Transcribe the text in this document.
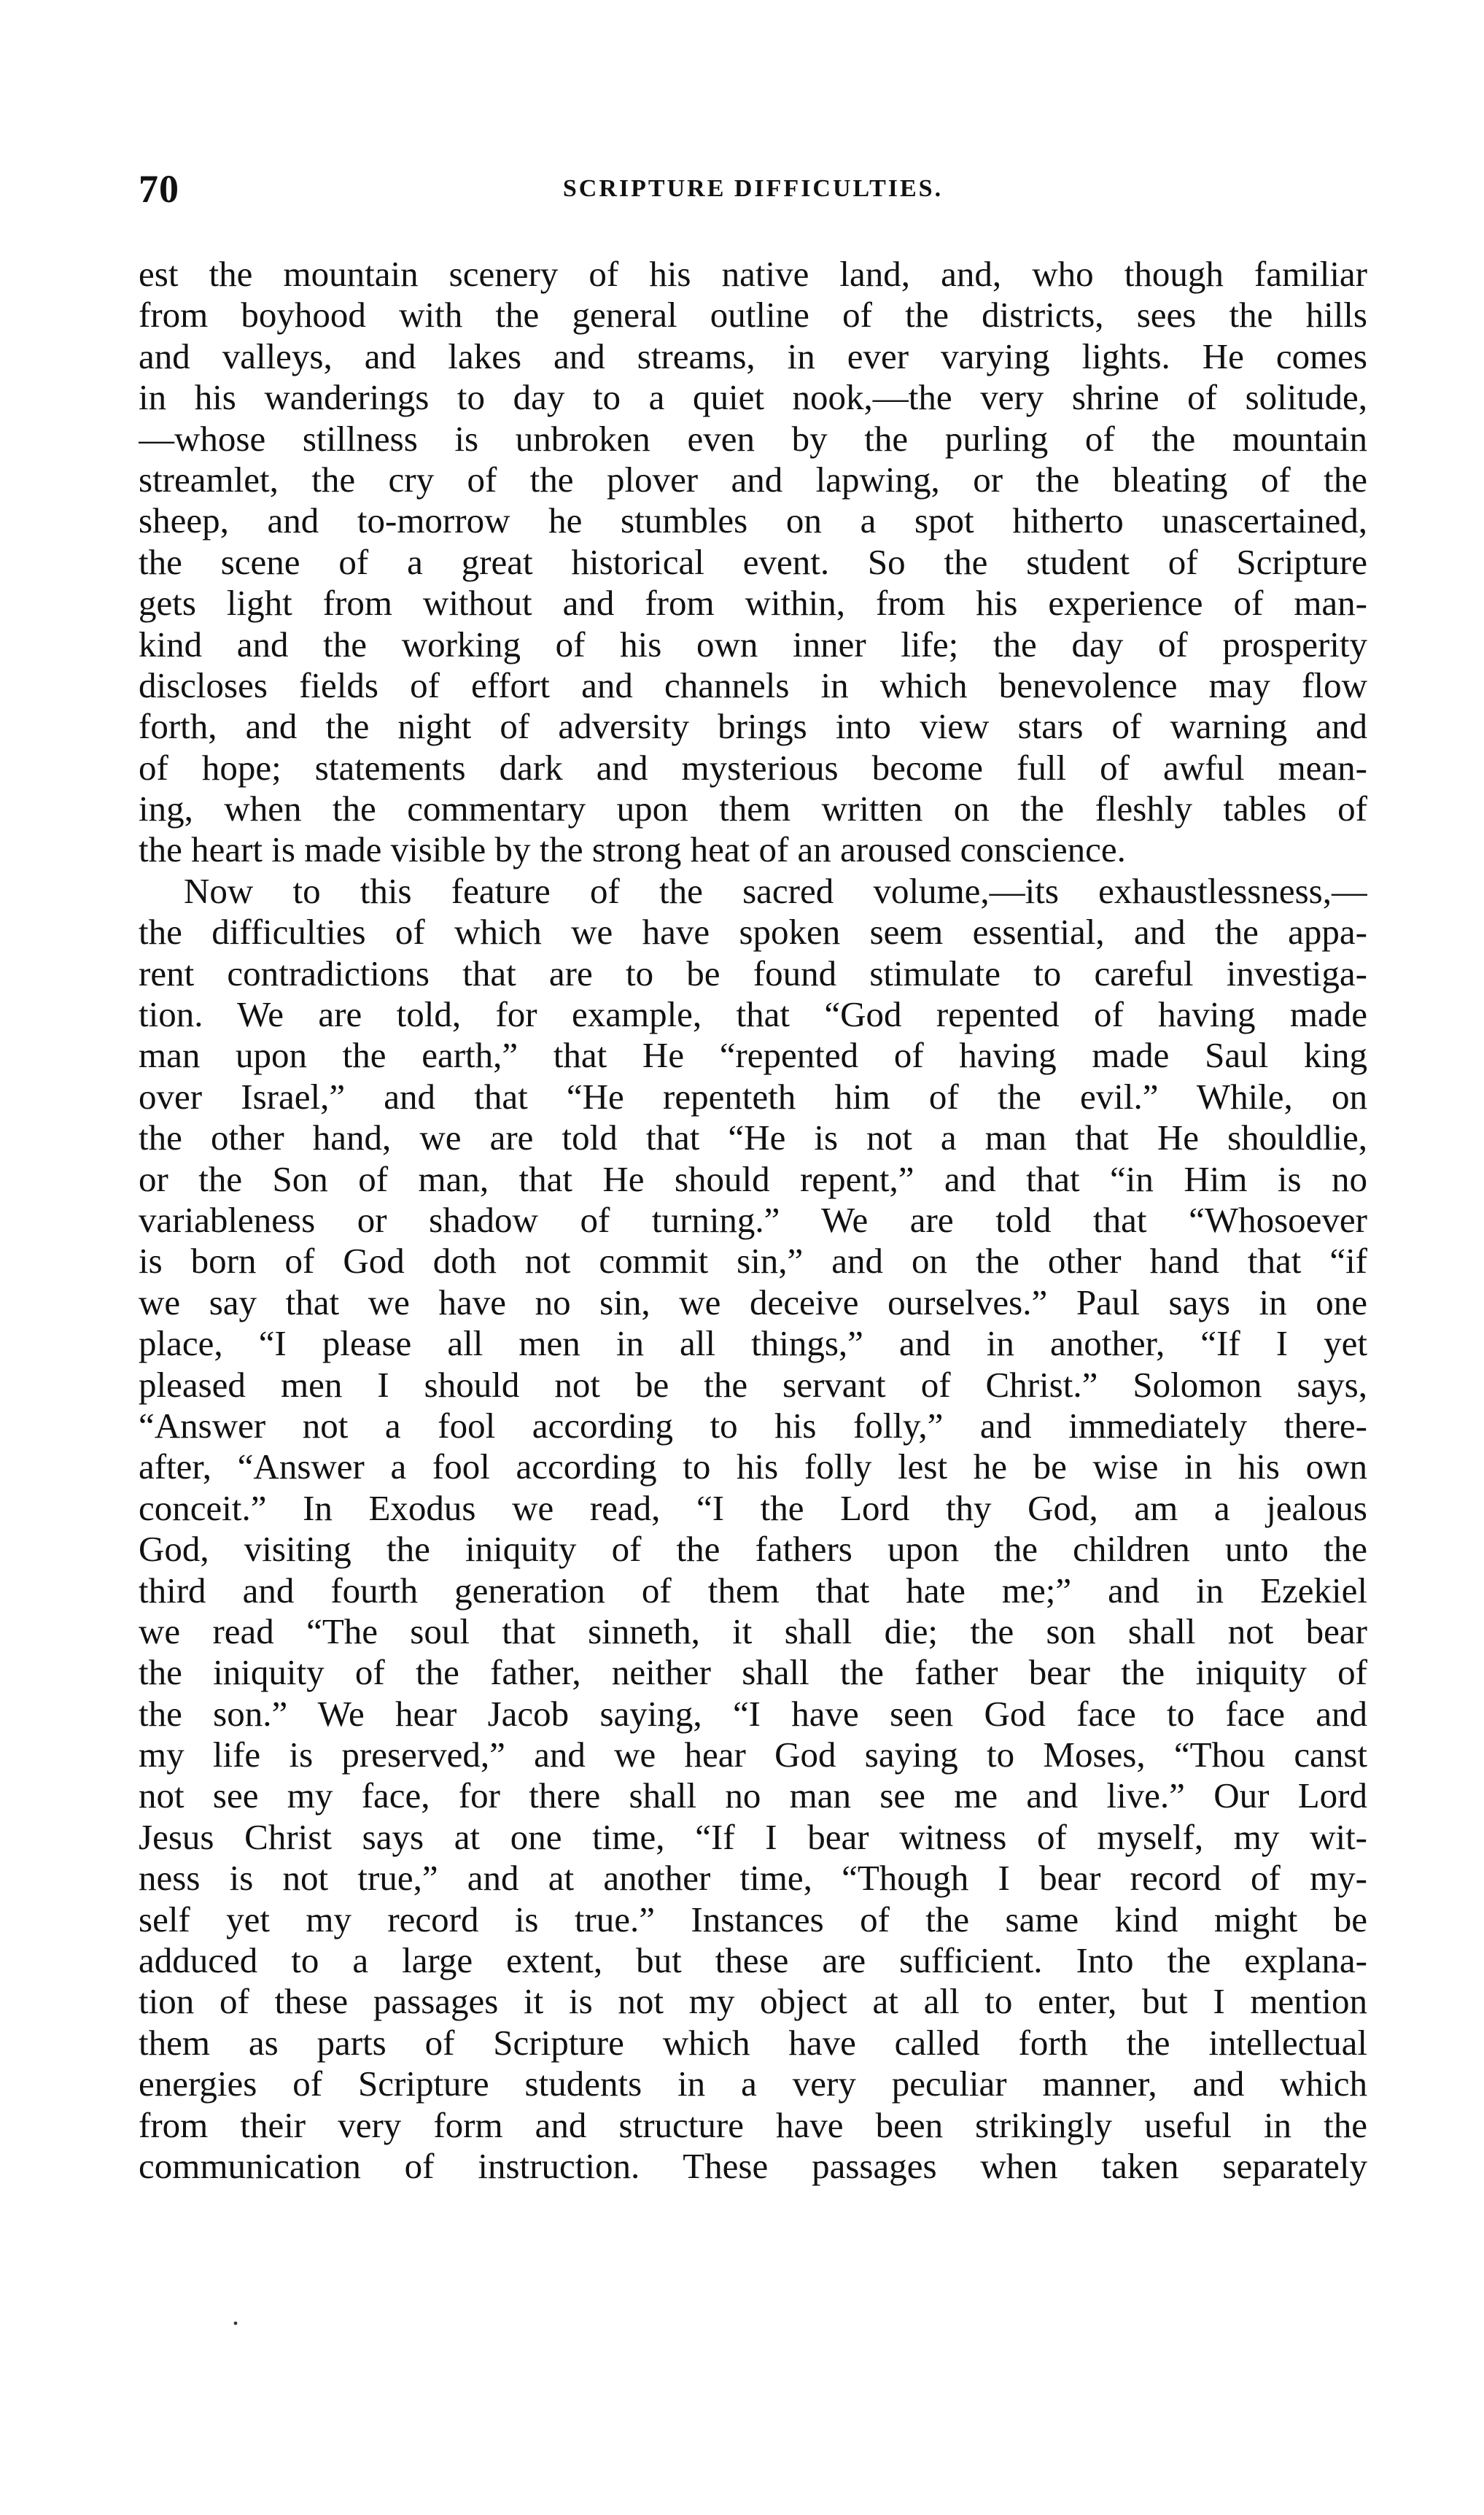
70	SCRIPTURE DIFFICULTIES.
est the mountain scenery of his native land, and, who though familiar
from boyhood with the general outline of the districts, sees the hills
and valleys, and lakes and streams, in ever varying lights. He comes
in his wanderings to day to a quiet nook,—the very shrine of solitude,
—whose stillness is unbroken even by the purling of the mountain
streamlet, the cry of the plover and lapwing, or the bleating of the
sheep, and to-morrow he stumbles on a spot hitherto unascertained,
the scene of a great historical event. So the student of Scripture
gets light from without and from within, from his experience of man-
kind and the working of his own inner life; the day of prosperity
discloses fields of effort and channels in which benevolence may flow
forth, and the night of adversity brings into view stars of warning and
of hope; statements dark and mysterious become full of awful mean-
ing, when the commentary upon them written on the fleshly tables of
the heart is made visible by the strong heat of an aroused conscience.
Now to this feature of the sacred volume,—its exhaustlessness,—
the difficulties of which we have spoken seem essential, and the appa-
rent contradictions that are to be found stimulate to careful investiga-
tion. We are told, for example, that “God repented of having made
man upon the earth,” that He “repented of having made Saul king
over Israel,” and that “He repenteth him of the evil.” While, on
the other hand, we are told that “He is not a man that He shouldlie,
or the Son of man, that He should repent,” and that “in Him is no
variableness or shadow of turning.” We are told that “Whosoever
is born of God doth not commit sin,” and on the other hand that “if
we say that we have no sin, we deceive ourselves.” Paul says in one
place, “I please all men in all things,” and in another, “If I yet
pleased men I should not be the servant of Christ.” Solomon says,
“Answer not a fool according to his folly,” and immediately there-
after, “Answer a fool according to his folly lest he be wise in his own
conceit.” In Exodus we read, “I the Lord thy God, am a jealous
God, visiting the iniquity of the fathers upon the children unto the
third and fourth generation of them that hate me;” and in Ezekiel
we read “The soul that sinneth, it shall die; the son shall not bear
the iniquity of the father, neither shall the father bear the iniquity of
the son.” We hear Jacob saying, “I have seen God face to face and
my life is preserved,” and we hear God saying to Moses, “Thou canst
not see my face, for there shall no man see me and live.” Our Lord
Jesus Christ says at one time, “If I bear witness of myself, my wit-
ness is not true,” and at another time, “Though I bear record of my-
self yet my record is true.” Instances of the same kind might be
adduced to a large extent, but these are sufficient. Into the explana-
tion of these passages it is not my object at all to enter, but I mention
them as parts of Scripture which have called forth the intellectual
energies of Scripture students in a very peculiar manner, and which
from their very form and structure have been strikingly useful in the
communication of instruction. These passages when taken separately
.
